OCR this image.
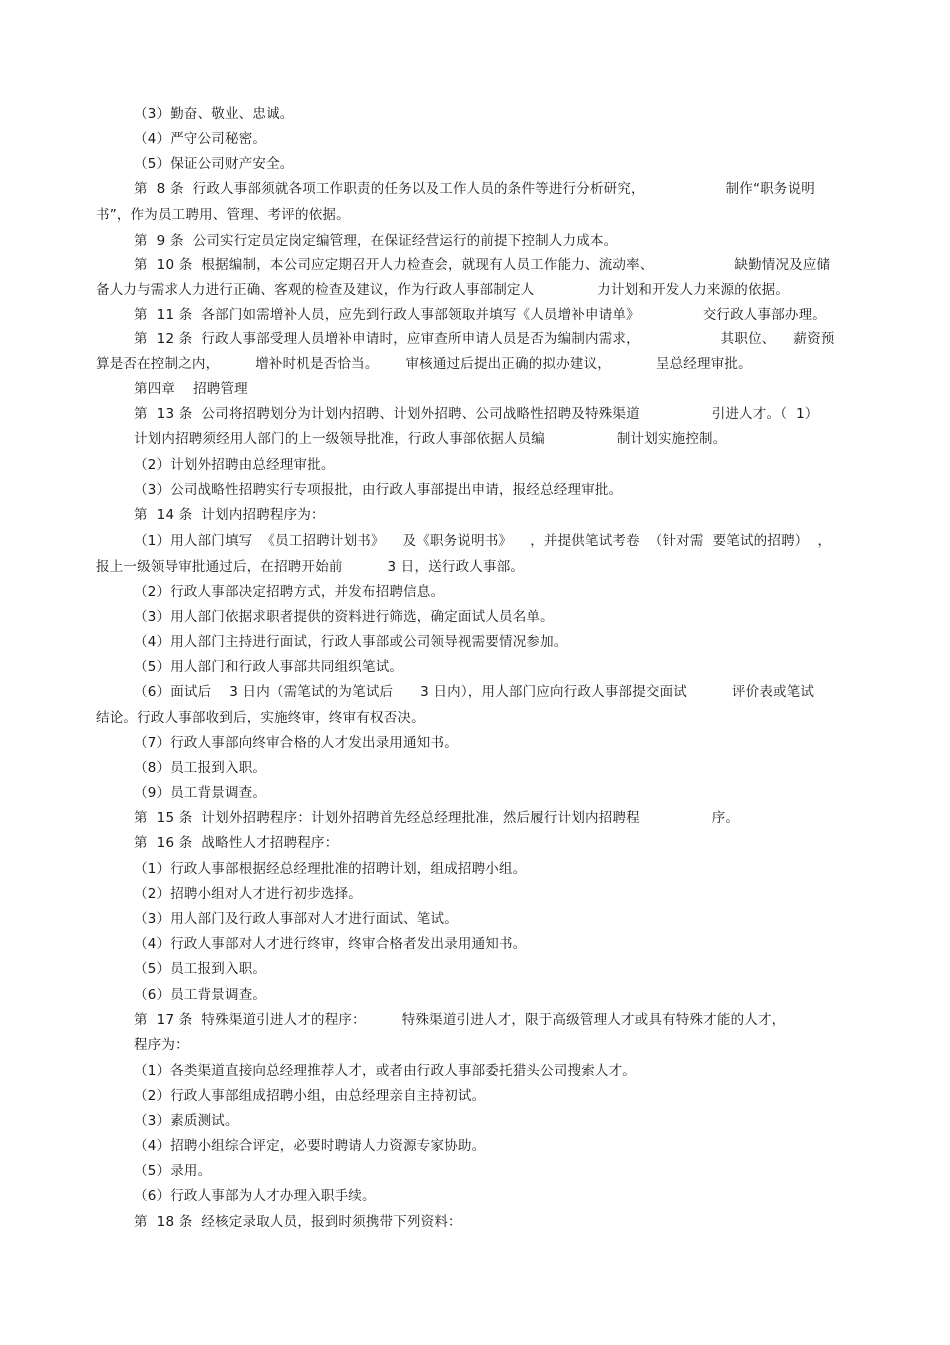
（3）勤奋、敬业、忠诚。
（4）严守公司秘密。
（5）保证公司财产安全。
第  8 条  行政人事部须就各项工作职责的任务以及工作人员的条件等进行分析研究，                  制作“职务说明
书”，作为员工聘用、管理、考评的依据。
第  9 条  公司实行定员定岗定编管理，在保证经营运行的前提下控制人力成本。
第  10 条  根据编制，本公司应定期召开人力检查会，就现有人员工作能力、流动率、                  缺勤情况及应储
备人力与需求人力进行正确、客观的检查及建议，作为行政人事部制定人              力计划和开发人力来源的依据。
第  11 条  各部门如需增补人员，应先到行政人事部领取并填写《人员增补申请单》              交行政人事部办理。
第  12 条  行政人事部受理人员增补申请时，应审查所申请人员是否为编制内需求，                  其职位、    薪资预
算是否在控制之内，        增补时机是否恰当。      审核通过后提出正确的拟办建议，          呈总经理审批。
第四章    招聘管理
第  13 条  公司将招聘划分为计划内招聘、计划外招聘、公司战略性招聘及特殊渠道                引进人才。（  1）
计划内招聘须经用人部门的上一级领导批准，行政人事部依据人员编                制计划实施控制。
（2）计划外招聘由总经理审批。
（3）公司战略性招聘实行专项报批，由行政人事部提出申请，报经总经理审批。
第  14 条  计划内招聘程序为：
（1）用人部门填写  《员工招聘计划书》    及《职务说明书》    ，并提供笔试考卷  （针对需  要笔试的招聘）  ，
报上一级领导审批通过后，在招聘开始前          3 日，送行政人事部。
（2）行政人事部决定招聘方式，并发布招聘信息。
（3）用人部门依据求职者提供的资料进行筛选，确定面试人员名单。
（4）用人部门主持进行面试，行政人事部或公司领导视需要情况参加。
（5）用人部门和行政人事部共同组织笔试。
（6）面试后    3 日内（需笔试的为笔试后      3 日内），用人部门应向行政人事部提交面试          评价表或笔试
结论。行政人事部收到后，实施终审，终审有权否决。
（7）行政人事部向终审合格的人才发出录用通知书。
（8）员工报到入职。
（9）员工背景调查。
第  15 条  计划外招聘程序：计划外招聘首先经总经理批准，然后履行计划内招聘程                序。
第  16 条  战略性人才招聘程序：
（1）行政人事部根据经总经理批准的招聘计划，组成招聘小组。
（2）招聘小组对人才进行初步选择。
（3）用人部门及行政人事部对人才进行面试、笔试。
（4）行政人事部对人才进行终审，终审合格者发出录用通知书。
（5）员工报到入职。
（6）员工背景调查。
第  17 条  特殊渠道引进人才的程序：        特殊渠道引进人才，限于高级管理人才或具有特殊才能的人才，
程序为：
（1）各类渠道直接向总经理推荐人才，或者由行政人事部委托猎头公司搜索人才。
（2）行政人事部组成招聘小组，由总经理亲自主持初试。
（3）素质测试。
（4）招聘小组综合评定，必要时聘请人力资源专家协助。
（5）录用。
（6）行政人事部为人才办理入职手续。
第  18 条  经核定录取人员，报到时须携带下列资料：
